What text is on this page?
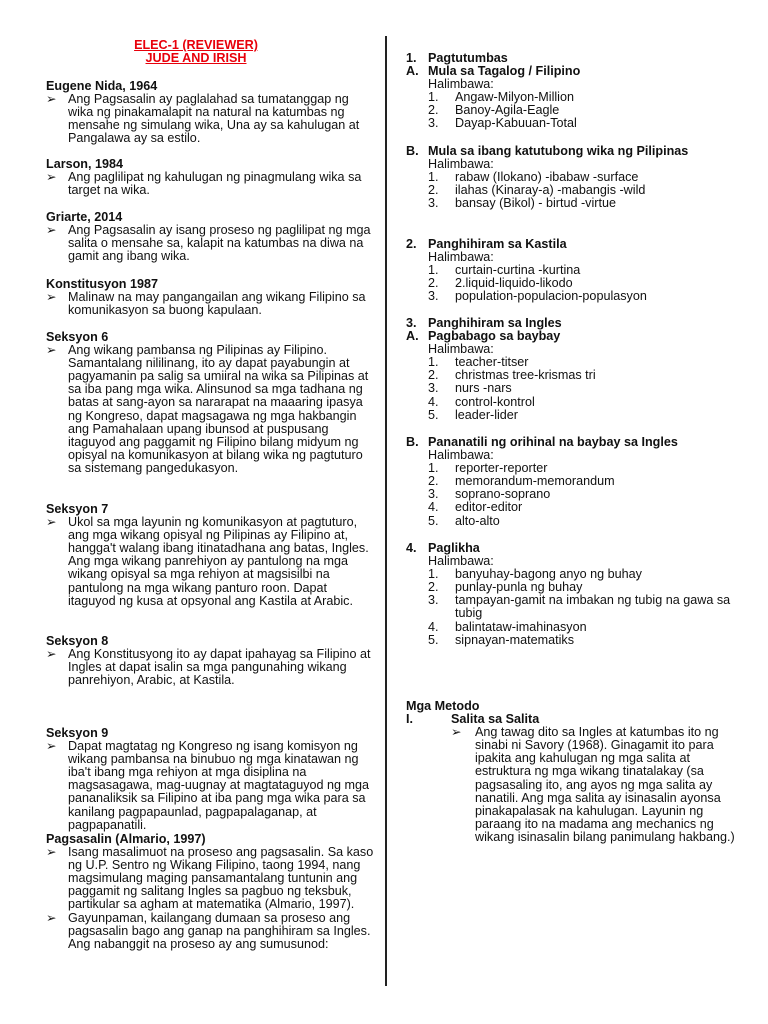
ELEC-1 (REVIEWER)
JUDE AND IRISH
Eugene Nida, 1964
➢ Ang Pagsasalin ay paglalahad sa tumatanggap ng wika ng pinakamalapit na natural na katumbas ng mensahe ng simulang wika, Una ay sa kahulugan at Pangalawa ay sa estilo.
Larson, 1984
➢ Ang paglilipat ng kahulugan ng pinagmulang wika sa target na wika.
Griarte, 2014
➢ Ang Pagsasalin ay isang proseso ng paglilipat ng mga salita o mensahe sa, kalapit na katumbas na diwa na gamit ang ibang wika.
Konstitusyon 1987
➢ Malinaw na may pangangailan ang wikang Filipino sa komunikasyon sa buong kapulaan.
Seksyon 6
➢ Ang wikang pambansa ng Pilipinas ay Filipino. Samantalang nililinang, ito ay dapat payabungin at pagyamanin pa salig sa umiiral na wika sa Pilipinas at sa iba pang mga wika. Alinsunod sa mga tadhana ng batas at sang-ayon sa nararapat na maaaring ipasya ng Kongreso, dapat magsagawa ng mga hakbangin ang Pamahalaan upang ibunsod at puspusang itaguyod ang paggamit ng Filipino bilang midyum ng opisyal na komunikasyon at bilang wika ng pagtuturo sa sistemang pangedukasyon.
Seksyon 7
➢ Ukol sa mga layunin ng komunikasyon at pagtuturo, ang mga wikang opisyal ng Pilipinas ay Filipino at, hangga't walang ibang itinatadhana ang batas, Ingles. Ang mga wikang panrehiyon ay pantulong na mga wikang opisyal sa mga rehiyon at magsisilbi na pantulong na mga wikang panturo roon. Dapat itaguyod ng kusa at opsyonal ang Kastila at Arabic.
Seksyon 8
➢ Ang Konstitusyong ito ay dapat ipahayag sa Filipino at Ingles at dapat isalin sa mga pangunahing wikang panrehiyon, Arabic, at Kastila.
Seksyon 9
➢ Dapat magtatag ng Kongreso ng isang komisyon ng wikang pambansa na binubuo ng mga kinatawan ng iba't ibang mga rehiyon at mga disiplina na magsasagawa, mag-uugnay at magtataguyod ng mga pananaliksik sa Filipino at iba pang mga wika para sa kanilang pagpapaunlad, pagpapalaganap, at pagpapanatili.
Pagsasalin (Almario, 1997)
➢ Isang masalimuot na proseso ang pagsasalin. Sa kaso ng U.P. Sentro ng Wikang Filipino, taong 1994, nang magsimulang maging pansamantalang tuntunin ang paggamit ng salitang Ingles sa pagbuo ng teksbuk, partikular sa agham at matematika (Almario, 1997).
➢ Gayunpaman, kailangang dumaan sa proseso ang pagsasalin bago ang ganap na panghihiram sa Ingles. Ang nabanggit na proseso ay ang sumusunod:
1. Pagtutumbas
A. Mula sa Tagalog / Filipino
Halimbawa:
1. Angaw-Milyon-Million
2. Banoy-Agila-Eagle
3. Dayap-Kabuuan-Total
B. Mula sa ibang katutubong wika ng Pilipinas
Halimbawa:
1. rabaw (Ilokano) -ibabaw -surface
2. ilahas (Kinaray-a) -mabangis -wild
3. bansay (Bikol) - birtud -virtue
2. Panghihiram sa Kastila
Halimbawa:
1. curtain-curtina -kurtina
2. 2.liquid-liquido-likodo
3. population-populacion-populasyon
3. Panghihiram sa Ingles
A. Pagbabago sa baybay
Halimbawa:
1. teacher-titser
2. christmas tree-krismas tri
3. nurs -nars
4. control-kontrol
5. leader-lider
B. Pananatili ng orihinal na baybay sa Ingles
Halimbawa:
1. reporter-reporter
2. memorandum-memorandum
3. soprano-soprano
4. editor-editor
5. alto-alto
4. Paglikha
Halimbawa:
1. banyuhay-bagong anyo ng buhay
2. punlay-punla ng buhay
3. tampayan-gamit na imbakan ng tubig na gawa sa tubig
4. balintataw-imahinasyon
5. sipnayan-matematiks
Mga Metodo
I.	Salita sa Salita
➢ Ang tawag dito sa Ingles at katumbas ito ng sinabi ni Savory (1968). Ginagamit ito para ipakita ang kahulugan ng mga salita at estruktura ng mga wikang tinatalakay (sa pagsasaling ito, ang ayos ng mga salita ay nanatili. Ang mga salita ay isinasalin ayonsa pinakapalasak na kahulugan. Layunin ng paraang ito na madama ang mechanics ng wikang isinasalin bilang panimulang hakbang.)
